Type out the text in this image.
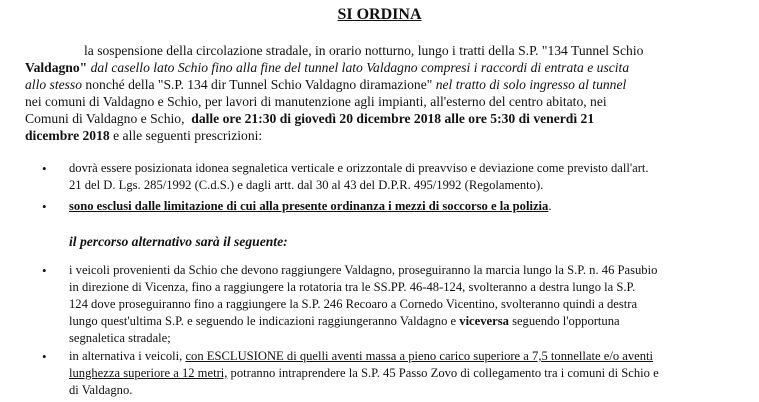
SI ORDINA
la sospensione della circolazione stradale, in orario notturno, lungo i tratti della S.P. "134 Tunnel Schio
Valdagno" dal casello lato Schio fino alla fine del tunnel lato Valdagno compresi i raccordi di entrata e uscita
allo stesso nonché della "S.P. 134 dir Tunnel Schio Valdagno diramazione" nel tratto di solo ingresso al tunnel
nei comuni di Valdagno e Schio, per lavori di manutenzione agli impianti, all'esterno del centro abitato, nei
Comuni di Valdagno e Schio, dalle ore 21:30 di giovedì 20 dicembre 2018 alle ore 5:30 di venerdì 21
dicembre 2018 e alle seguenti prescrizioni:
• dovrà essere posizionata idonea segnaletica verticale e orizzontale di preavviso e deviazione come previsto dall'art.
21 del D. Lgs. 285/1992 (C.d.S.) e dagli artt. dal 30 al 43 del D.P.R. 495/1992 (Regolamento).
• sono esclusi dalle limitazione di cui alla presente ordinanza i mezzi di soccorso e la polizia.
il percorso alternativo sarà il seguente:
• i veicoli provenienti da Schio che devono raggiungere Valdagno, proseguiranno la marcia lungo la S.P. n. 46 Pasubio
in direzione di Vicenza, fino a raggiungere la rotatoria tra le SS.PP. 46-48-124, svolteranno a destra lungo la S.P.
124 dove proseguiranno fino a raggiungere la S.P. 246 Recoaro a Cornedo Vicentino, svolteranno quindi a destra
lungo quest'ultima S.P. e seguendo le indicazioni raggiungeranno Valdagno e viceversa seguendo l'opportuna
segnaletica stradale;
• in alternativa i veicoli, con ESCLUSIONE di quelli aventi massa a pieno carico superiore a 7,5 tonnellate e/o aventi
lunghezza superiore a 12 metri, potranno intraprendere la S.P. 45 Passo Zovo di collegamento tra i comuni di Schio e
di Valdagno.
